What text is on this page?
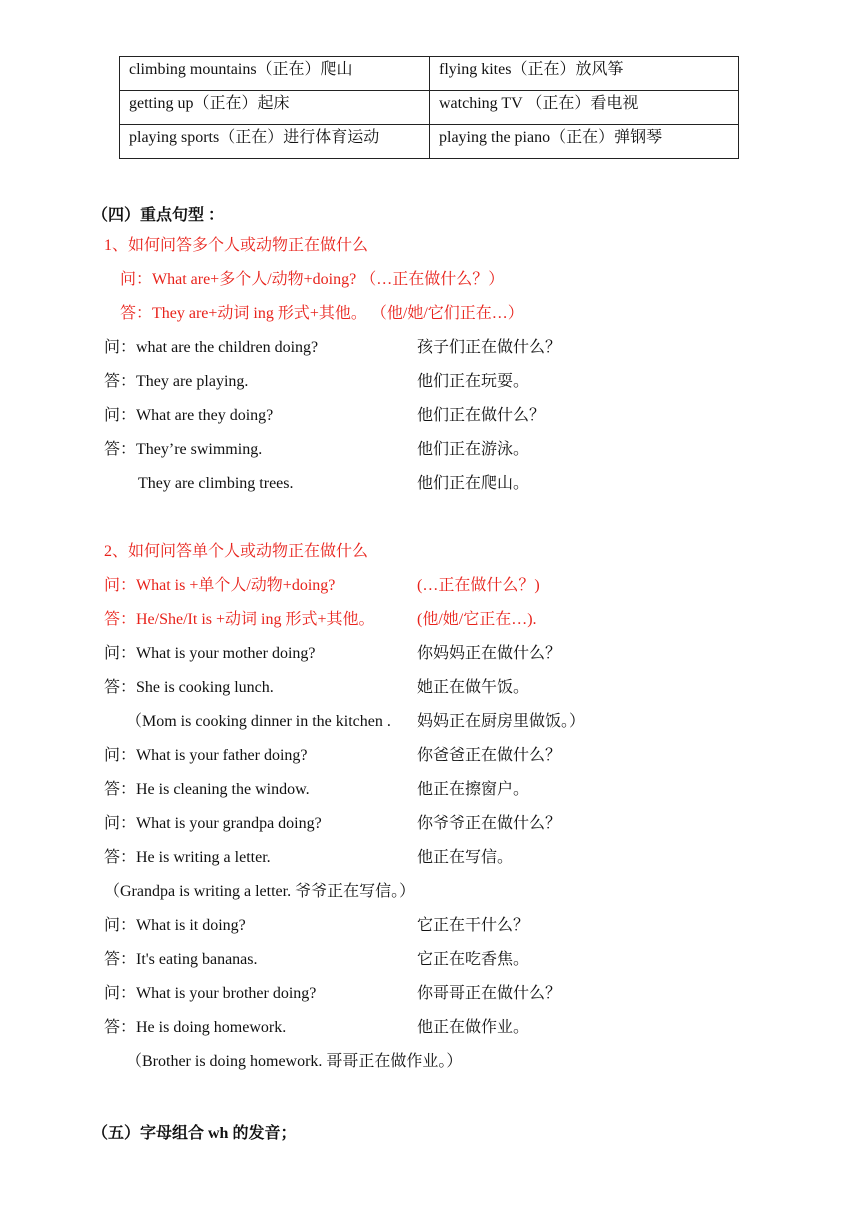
climbing mountains（正在）爬山	flying kites（正在）放风筝
getting up（正在）起床	watching TV （正在）看电视
playing sports（正在）进行体育运动	playing the piano（正在）弹钢琴
（四）重点句型 ：
1、如何问答多个人或动物正在做什么
问：What are+多个人/动物+doing? （…正在做什么？）
答：They are+动词 ing 形式+其他。 （他/她/它们正在…）
问：what are the children doing?	孩子们正在做什么？
答：They are playing.	他们正在玩耍。
问：What are they doing?	他们正在做什么？
答：They’re swimming.	他们正在游泳。
They are climbing trees.	他们正在爬山。
2、如何问答单个人或动物正在做什么
问：What is +单个人/动物+doing?	(…正在做什么？)
答：He/She/It is +动词 ing 形式+其他。	(他/她/它正在…).
问：What is your mother doing?	你妈妈正在做什么？
答：She is cooking lunch.	她正在做午饭。
（Mom is cooking dinner in the kitchen . 妈妈正在厨房里做饭。）
问：What is your father doing?	你爸爸正在做什么？
答：He is cleaning the window.	他正在擦窗户。
问：What is your grandpa doing?	你爷爷正在做什么？
答：He is writing a letter.	他正在写信。
（Grandpa is writing a letter. 爷爷正在写信。）
问：What is it doing?	它正在干什么？
答：It's eating bananas.	它正在吃香焦。
问：What is your brother doing?	你哥哥正在做什么？
答：He is doing homework.	他正在做作业。
（Brother is doing homework. 哥哥正在做作业。）
（五）字母组合 wh 的发音；
